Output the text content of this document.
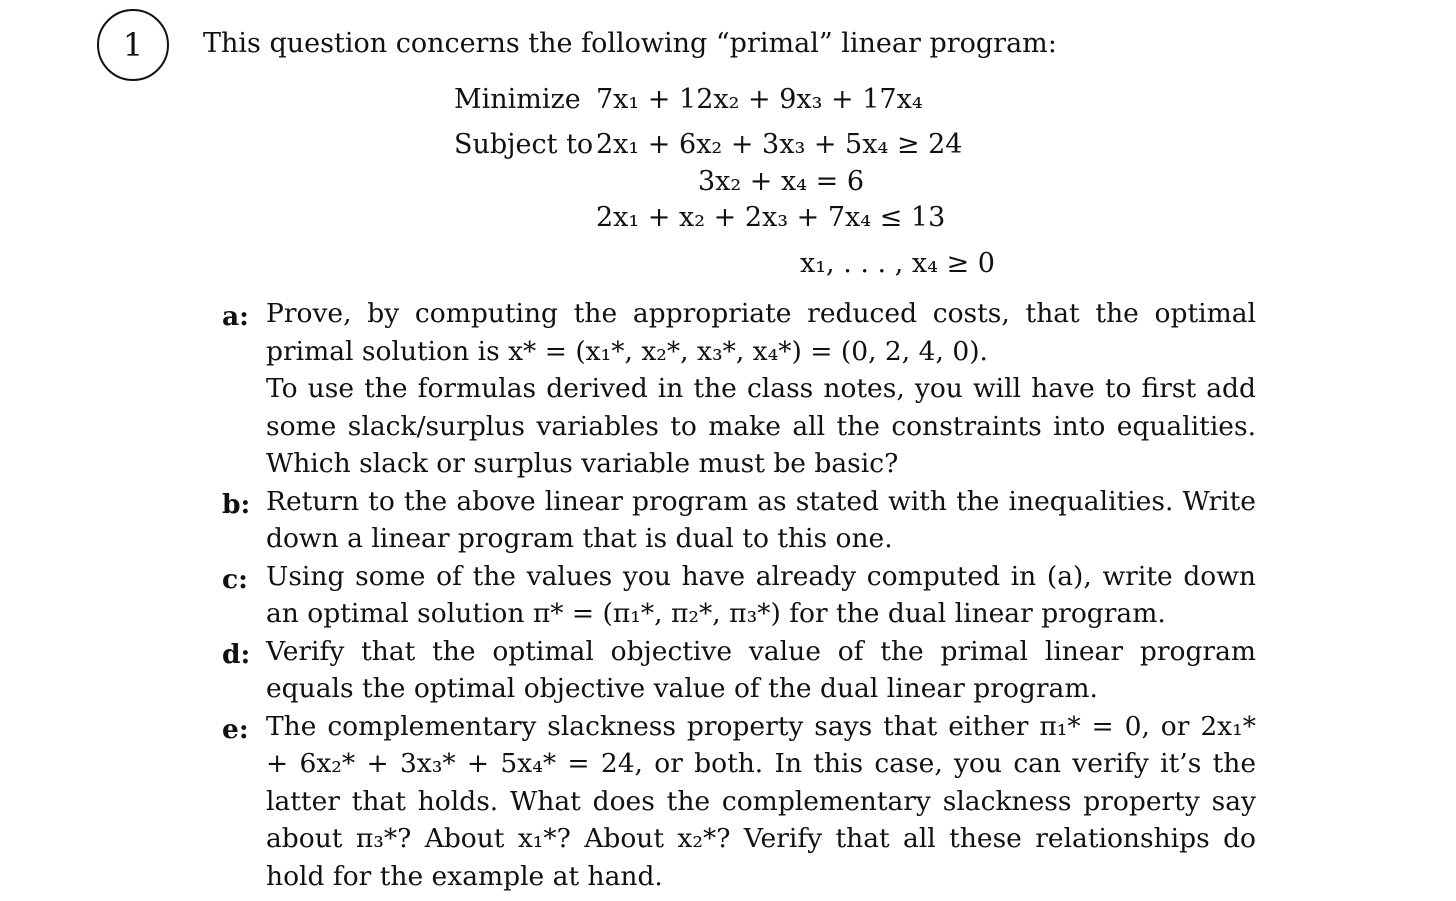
1 This question concerns the following “primal” linear program:
Minimize
Subject to
7x₁ + 12x₂ + 9x₃ + 17x₄
2x₁ + 6x₂ + 3x₃ + 5x₄ ≥ 24
3x₂ + x₄ = 6
2x₁ + x₂ + 2x₃ + 7x₄ ≤ 13
x₁, . . . , x₄ ≥ 0
a: Prove, by computing the appropriate reduced costs, that the optimal primal solution is x* = (x₁*, x₂*, x₃*, x₄*) = (0, 2, 4, 0).

To use the formulas derived in the class notes, you will have to first add some slack/surplus variables to make all the constraints into equalities. Which slack or surplus variable must be basic?

b: Return to the above linear program as stated with the inequalities. Write down a linear program that is dual to this one.

c: Using some of the values you have already computed in (a), write down an optimal solution π* = (π₁*, π₂*, π₃*) for the dual linear program.

d: Verify that the optimal objective value of the primal linear program equals the optimal objective value of the dual linear program.

e: The complementary slackness property says that either π₁* = 0, or 2x₁* + 6x₂* + 3x₃* + 5x₄* = 24, or both. In this case, you can verify it’s the latter that holds. What does the complementary slackness property say about π₃*? About x₁*? About x₂*? Verify that all these relationships do hold for the example at hand.
